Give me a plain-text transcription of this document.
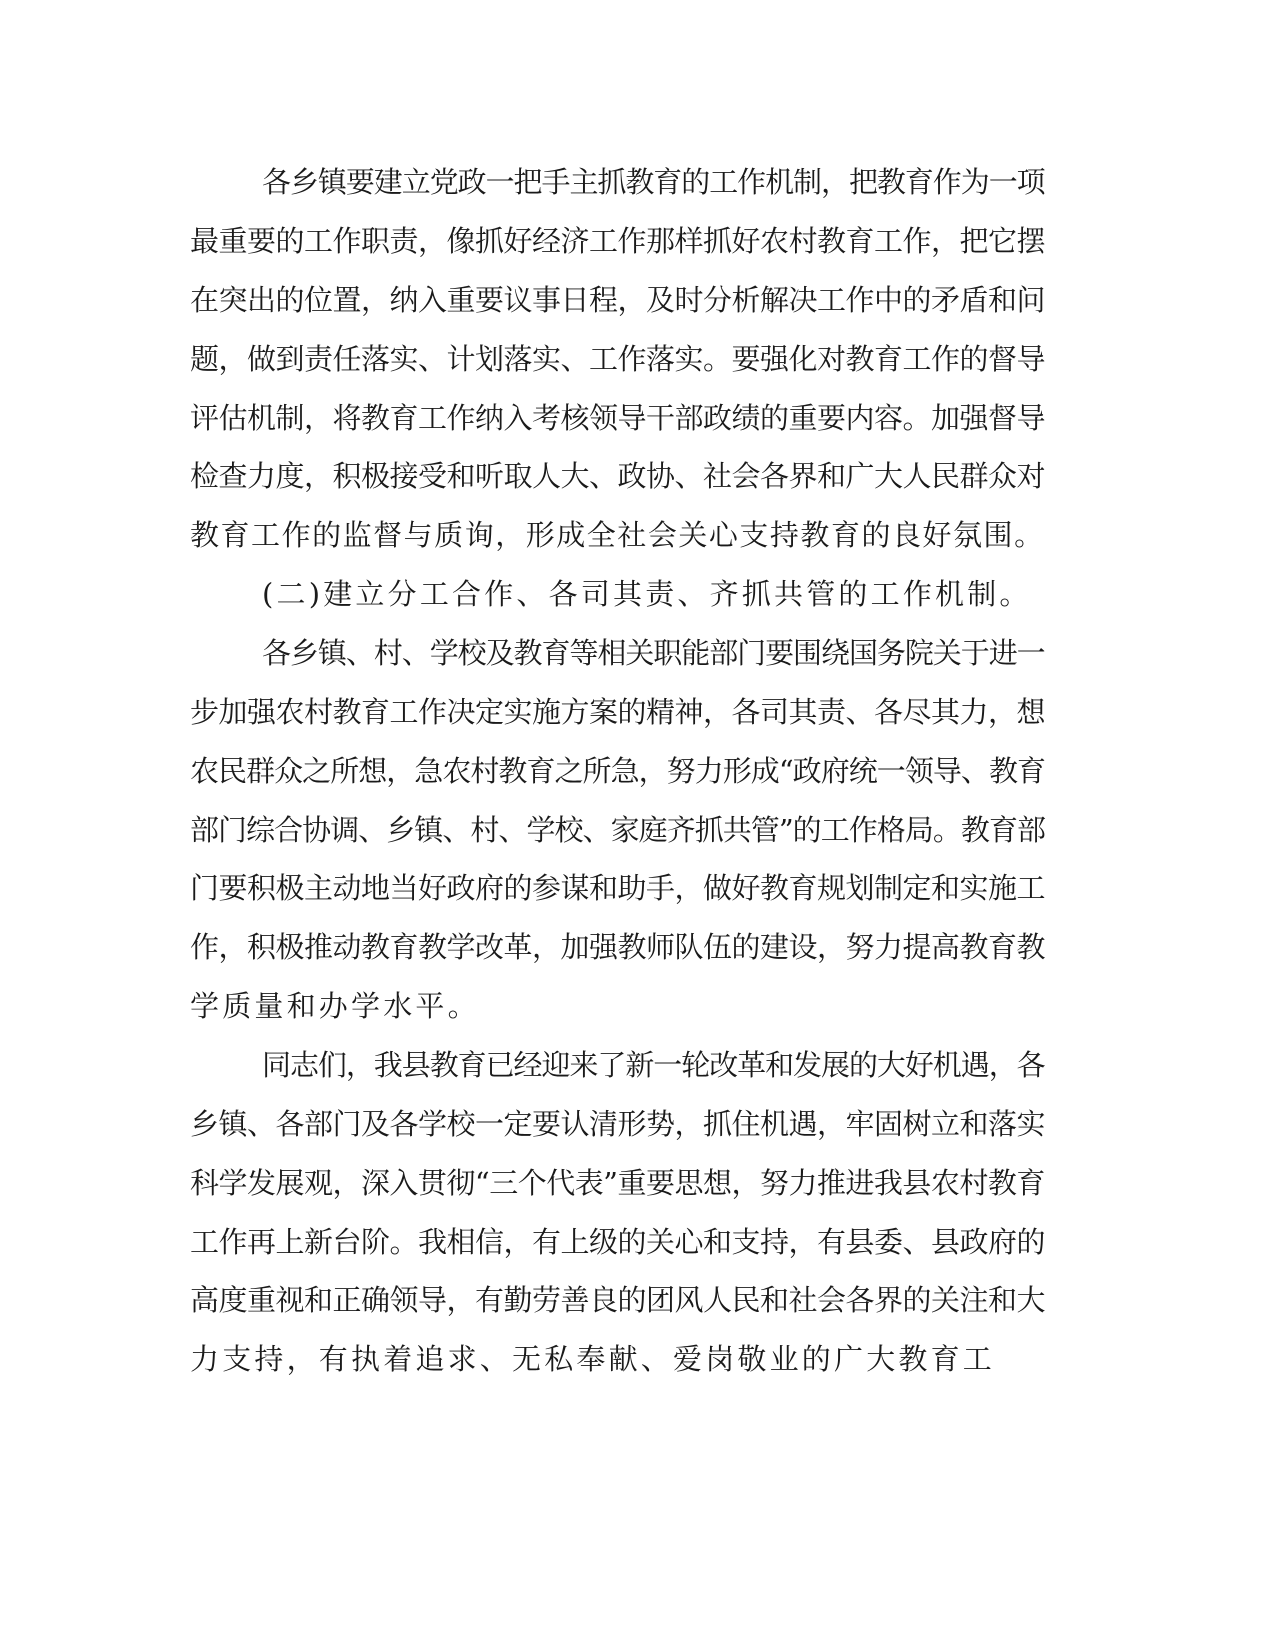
各乡镇要建立党政一把手主抓教育的工作机制，把教育作为一项
最重要的工作职责，像抓好经济工作那样抓好农村教育工作，把它摆
在突出的位置，纳入重要议事日程，及时分析解决工作中的矛盾和问
题，做到责任落实、计划落实、工作落实。要强化对教育工作的督导
评估机制，将教育工作纳入考核领导干部政绩的重要内容。加强督导
检查力度，积极接受和听取人大、政协、社会各界和广大人民群众对
教育工作的监督与质询，形成全社会关心支持教育的良好氛围。
(二)建立分工合作、各司其责、齐抓共管的工作机制。
各乡镇、村、学校及教育等相关职能部门要围绕国务院关于进一
步加强农村教育工作决定实施方案的精神，各司其责、各尽其力，想
农民群众之所想，急农村教育之所急，努力形成“政府统一领导、教育
部门综合协调、乡镇、村、学校、家庭齐抓共管”的工作格局。教育部
门要积极主动地当好政府的参谋和助手，做好教育规划制定和实施工
作，积极推动教育教学改革，加强教师队伍的建设，努力提高教育教
学质量和办学水平。
同志们，我县教育已经迎来了新一轮改革和发展的大好机遇，各
乡镇、各部门及各学校一定要认清形势，抓住机遇，牢固树立和落实
科学发展观，深入贯彻“三个代表”重要思想，努力推进我县农村教育
工作再上新台阶。我相信，有上级的关心和支持，有县委、县政府的
高度重视和正确领导，有勤劳善良的团风人民和社会各界的关注和大
力支持，有执着追求、无私奉献、爱岗敬业的广大教育工
